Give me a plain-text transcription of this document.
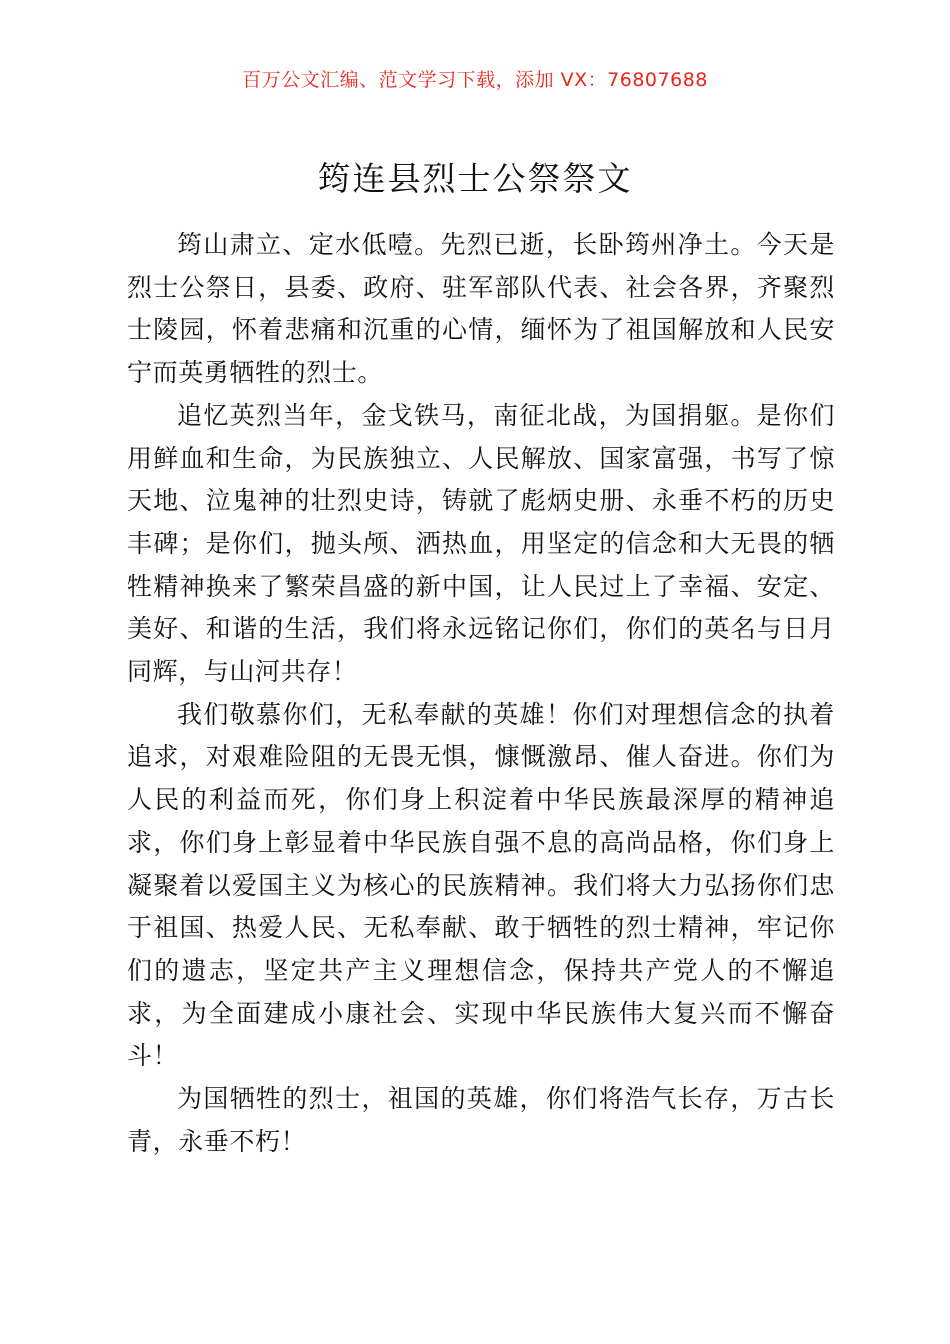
百万公文汇编、范文学习下载，添加 VX：76807688
筠连县烈士公祭祭文

筠山肃立、定水低噎。先烈已逝，长卧筠州净土。今天是烈士公祭日，县委、政府、驻军部队代表、社会各界，齐聚烈士陵园，怀着悲痛和沉重的心情，缅怀为了祖国解放和人民安宁而英勇牺牲的烈士。

追忆英烈当年，金戈铁马，南征北战，为国捐躯。是你们用鲜血和生命，为民族独立、人民解放、国家富强，书写了惊天地、泣鬼神的壮烈史诗，铸就了彪炳史册、永垂不朽的历史丰碑；是你们，抛头颅、洒热血，用坚定的信念和大无畏的牺牲精神换来了繁荣昌盛的新中国，让人民过上了幸福、安定、美好、和谐的生活，我们将永远铭记你们，你们的英名与日月同辉，与山河共存！

我们敬慕你们，无私奉献的英雄！你们对理想信念的执着追求，对艰难险阻的无畏无惧，慷慨激昂、催人奋进。你们为人民的利益而死，你们身上积淀着中华民族最深厚的精神追求，你们身上彰显着中华民族自强不息的高尚品格，你们身上凝聚着以爱国主义为核心的民族精神。我们将大力弘扬你们忠于祖国、热爱人民、无私奉献、敢于牺牲的烈士精神，牢记你们的遗志，坚定共产主义理想信念，保持共产党人的不懈追求，为全面建成小康社会、实现中华民族伟大复兴而不懈奋斗！

为国牺牲的烈士，祖国的英雄，你们将浩气长存，万古长青，永垂不朽！
